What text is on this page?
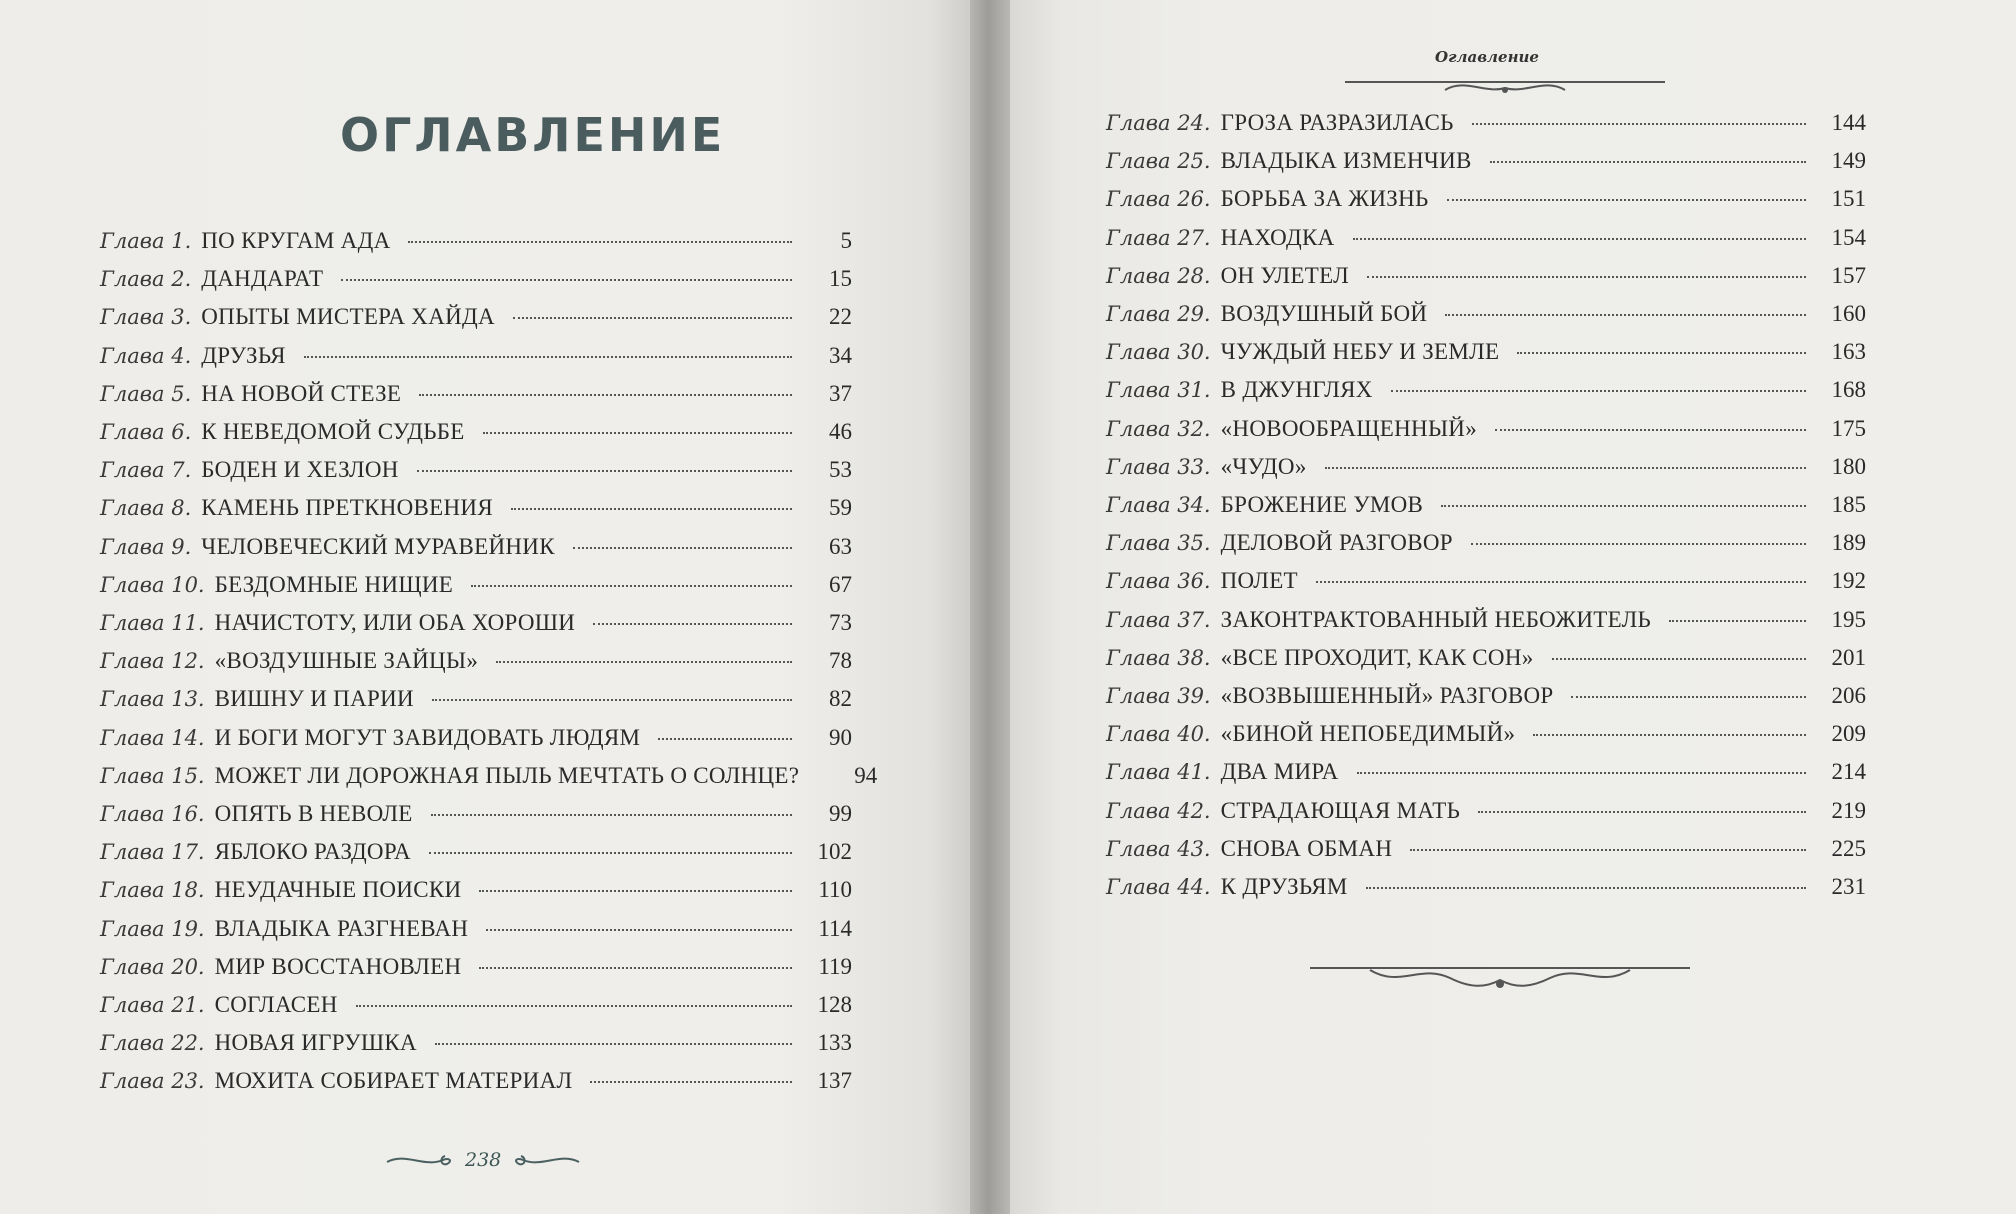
ОГЛАВЛЕНИЕ
Глава 1. ПО КРУГАМ АДА	5
Глава 2. ДАНДАРАТ	15
Глава 3. ОПЫТЫ МИСТЕРА ХАЙДА	22
Глава 4. ДРУЗЬЯ	34
Глава 5. НА НОВОЙ СТЕЗЕ	37
Глава 6. К НЕВЕДОМОЙ СУДЬБЕ	46
Глава 7. БОДЕН И ХЕЗЛОН	53
Глава 8. КАМЕНЬ ПРЕТКНОВЕНИЯ	59
Глава 9. ЧЕЛОВЕЧЕСКИЙ МУРАВЕЙНИК	63
Глава 10. БЕЗДОМНЫЕ НИЩИЕ	67
Глава 11. НАЧИСТОТУ, ИЛИ ОБА ХОРОШИ	73
Глава 12. «ВОЗДУШНЫЕ ЗАЙЦЫ»	78
Глава 13. ВИШНУ И ПАРИИ	82
Глава 14. И БОГИ МОГУТ ЗАВИДОВАТЬ ЛЮДЯМ	90
Глава 15. МОЖЕТ ЛИ ДОРОЖНАЯ ПЫЛЬ МЕЧТАТЬ О СОЛНЦЕ?	94
Глава 16. ОПЯТЬ В НЕВОЛЕ	99
Глава 17. ЯБЛОКО РАЗДОРА	102
Глава 18. НЕУДАЧНЫЕ ПОИСКИ	110
Глава 19. ВЛАДЫКА РАЗГНЕВАН	114
Глава 20. МИР ВОССТАНОВЛЕН	119
Глава 21. СОГЛАСЕН	128
Глава 22. НОВАЯ ИГРУШКА	133
Глава 23. МОХИТА СОБИРАЕТ МАТЕРИАЛ	137
238
Оглавление
Глава 24. ГРОЗА РАЗРАЗИЛАСЬ	144
Глава 25. ВЛАДЫКА ИЗМЕНЧИВ	149
Глава 26. БОРЬБА ЗА ЖИЗНЬ	151
Глава 27. НАХОДКА	154
Глава 28. ОН УЛЕТЕЛ	157
Глава 29. ВОЗДУШНЫЙ БОЙ	160
Глава 30. ЧУЖДЫЙ НЕБУ И ЗЕМЛЕ	163
Глава 31. В ДЖУНГЛЯХ	168
Глава 32. «НОВООБРАЩЕННЫЙ»	175
Глава 33. «ЧУДО»	180
Глава 34. БРОЖЕНИЕ УМОВ	185
Глава 35. ДЕЛОВОЙ РАЗГОВОР	189
Глава 36. ПОЛЕТ	192
Глава 37. ЗАКОНТРАКТОВАННЫЙ НЕБОЖИТЕЛЬ	195
Глава 38. «ВСЕ ПРОХОДИТ, КАК СОН»	201
Глава 39. «ВОЗВЫШЕННЫЙ» РАЗГОВОР	206
Глава 40. «БИНОЙ НЕПОБЕДИМЫЙ»	209
Глава 41. ДВА МИРА	214
Глава 42. СТРАДАЮЩАЯ МАТЬ	219
Глава 43. СНОВА ОБМАН	225
Глава 44. К ДРУЗЬЯМ	231
